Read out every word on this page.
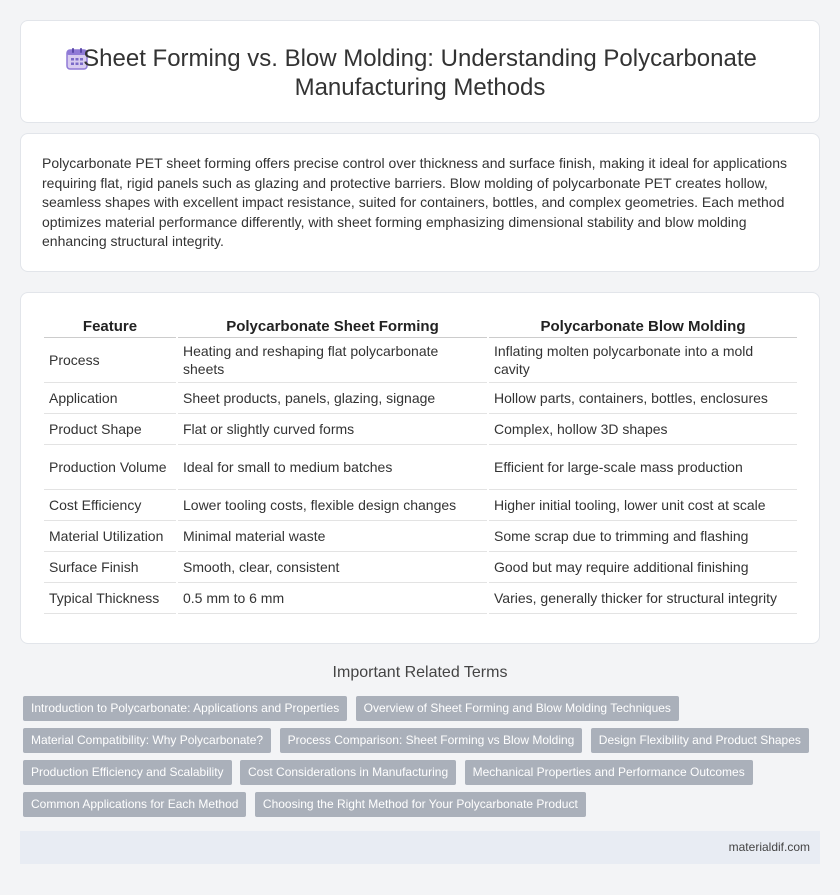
Sheet Forming vs. Blow Molding: Understanding Polycarbonate Manufacturing Methods

Polycarbonate PET sheet forming offers precise control over thickness and surface finish, making it ideal for applications requiring flat, rigid panels such as glazing and protective barriers. Blow molding of polycarbonate PET creates hollow, seamless shapes with excellent impact resistance, suited for containers, bottles, and complex geometries. Each method optimizes material performance differently, with sheet forming emphasizing dimensional stability and blow molding enhancing structural integrity.

Feature	Polycarbonate Sheet Forming	Polycarbonate Blow Molding
Process	Heating and reshaping flat polycarbonate sheets	Inflating molten polycarbonate into a mold cavity
Application	Sheet products, panels, glazing, signage	Hollow parts, containers, bottles, enclosures
Product Shape	Flat or slightly curved forms	Complex, hollow 3D shapes
Production Volume	Ideal for small to medium batches	Efficient for large-scale mass production
Cost Efficiency	Lower tooling costs, flexible design changes	Higher initial tooling, lower unit cost at scale
Material Utilization	Minimal material waste	Some scrap due to trimming and flashing
Surface Finish	Smooth, clear, consistent	Good but may require additional finishing
Typical Thickness	0.5 mm to 6 mm	Varies, generally thicker for structural integrity
Important Related Terms
Introduction to Polycarbonate: Applications and Properties Overview of Sheet Forming and Blow Molding Techniques Material Compatibility: Why Polycarbonate? Process Comparison: Sheet Forming vs Blow Molding Design Flexibility and Product Shapes Production Efficiency and Scalability Cost Considerations in Manufacturing Mechanical Properties and Performance Outcomes Common Applications for Each Method Choosing the Right Method for Your Polycarbonate Product
materialdif.com
